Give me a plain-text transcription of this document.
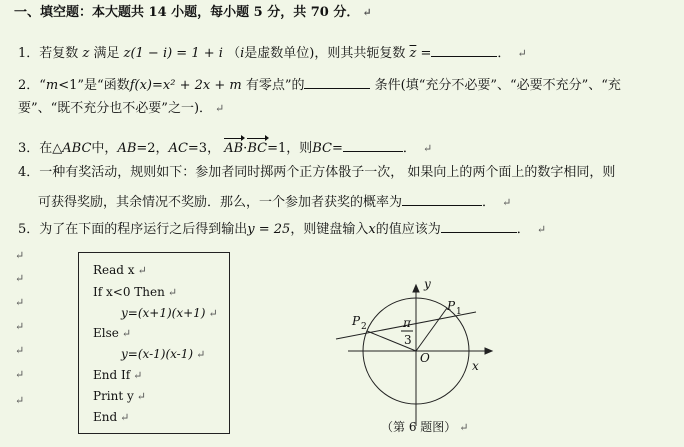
一、填空题：本大题共 14 小题，每小题 5 分，共 70 分． ↵
1．若复数 z 满足 z(1 − i) = 1 + i （i是虚数单位)，则其共轭复数 $\overline{z}$ =	． ↵
2．“m<1”是“函数f(x)=x² + 2x + m 有零点”的	条件(填“充分不必要”、“必要不充分”、“充
要”、“既不充分也不必要”之一)． ↵
3．在△ABC中，AB=2，AC=3， AB·BC=1，则BC=	． ↵
4．一种有奖活动，规则如下：参加者同时掷两个正方体骰子一次， 如果向上的两个面上的数字相同，则
可获得奖励，其余情况不奖励．那么，一个参加者获奖的概率为	． ↵
5．为了在下面的程序运行之后得到输出y = 25，则键盘输入x的值应该为	． ↵
↵
↵
↵
↵
↵
↵
↵
Read x ↵
If x<0 Then ↵
y=(x+1)(x+1) ↵
Else ↵
y=(x-1)(x-1) ↵
End If ↵
Print y ↵
End ↵
y
x
O
P 1
P 2	π
3
（第 6 题图） ↵
